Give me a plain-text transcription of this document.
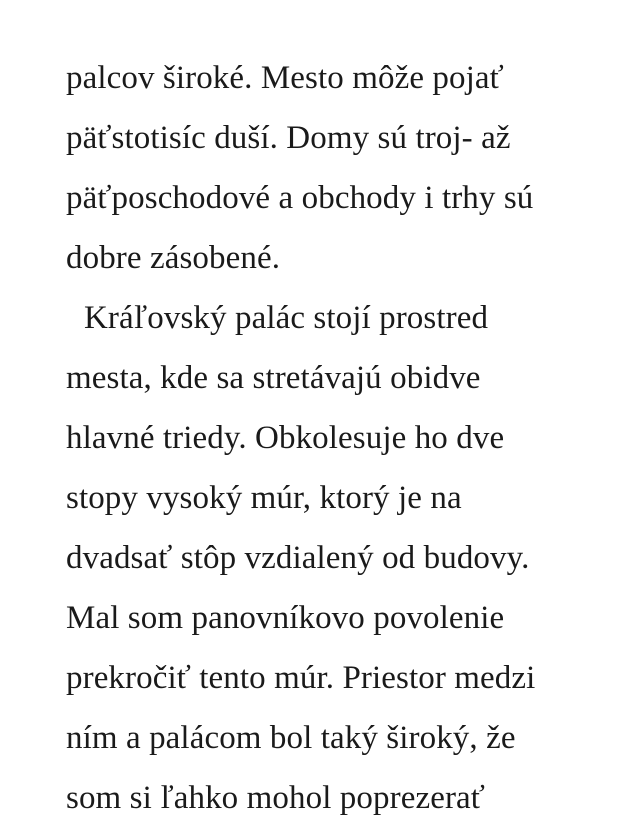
palcov široké. Mesto môže pojať
päťstotisíc duší. Domy sú troj- až
päťposchodové a obchody i trhy sú
dobre zásobené.
Kráľovský palác stojí prostred
mesta, kde sa stretávajú obidve
hlavné triedy. Obkolesuje ho dve
stopy vysoký múr, ktorý je na
dvadsať stôp vzdialený od budovy.
Mal som panovníkovo povolenie
prekročiť tento múr. Priestor medzi
ním a palácom bol taký široký, že
som si ľahko mohol poprezerať
